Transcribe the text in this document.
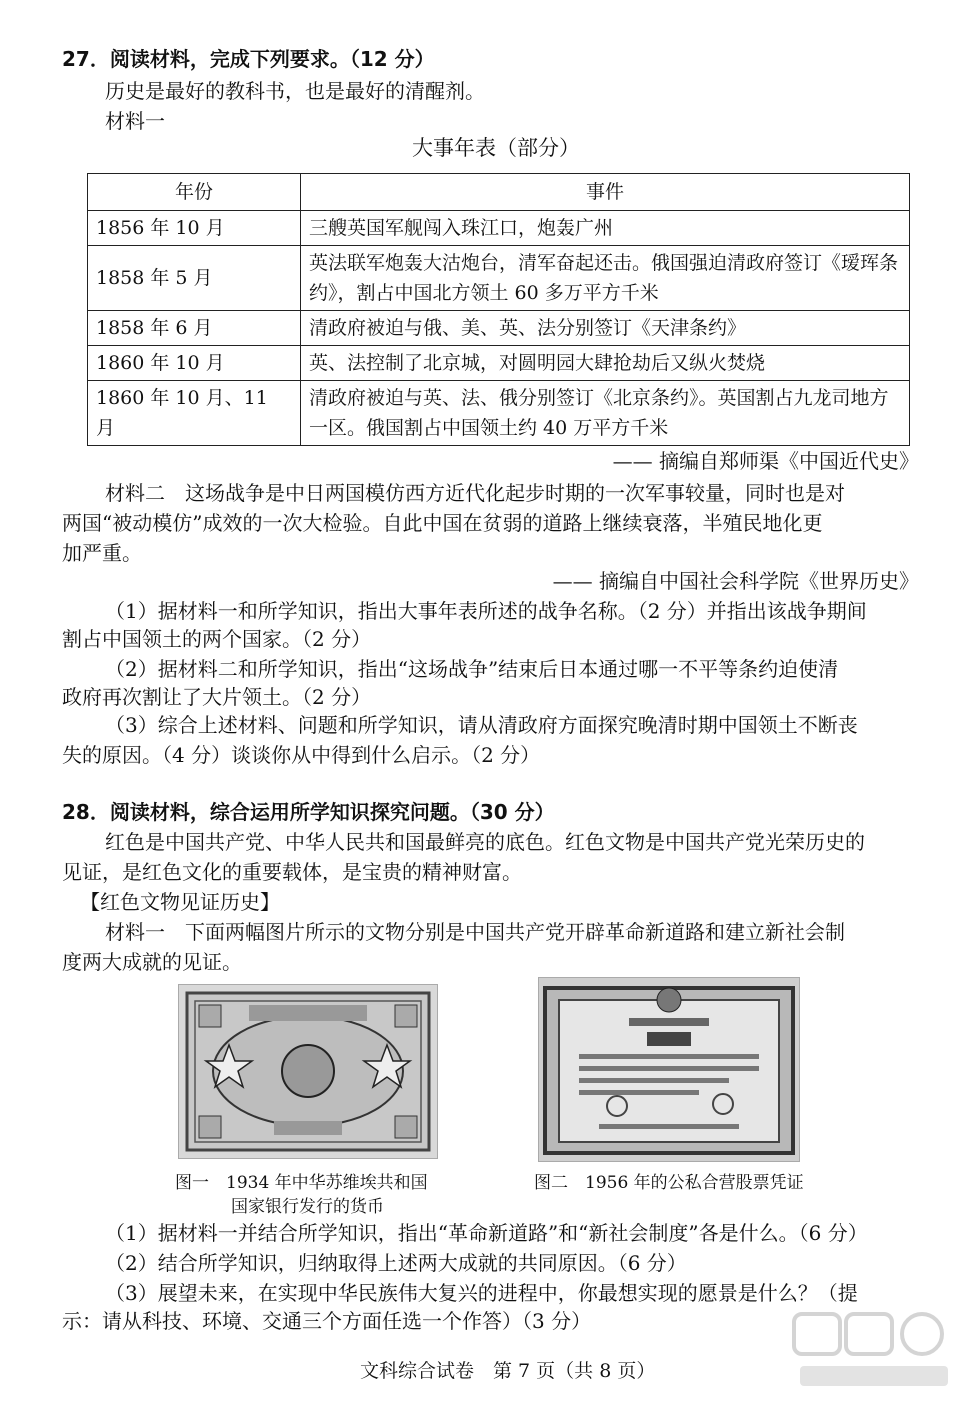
27．阅读材料，完成下列要求。（12 分）
历史是最好的教科书，也是最好的清醒剂。
材料一
大事年表（部分）
年份	事件
1856 年 10 月	三艘英国军舰闯入珠江口，炮轰广州
1858 年 5 月	英法联军炮轰大沽炮台，清军奋起还击。俄国强迫清政府签订《瑷珲条约》，割占中国北方领土 60 多万平方千米
1858 年 6 月	清政府被迫与俄、美、英、法分别签订《天津条约》
1860 年 10 月	英、法控制了北京城，对圆明园大肆抢劫后又纵火焚烧
1860 年 10 月、11 月	清政府被迫与英、法、俄分别签订《北京条约》。英国割占九龙司地方一区。俄国割占中国领土约 40 万平方千米
—— 摘编自郑师渠《中国近代史》
材料二　这场战争是中日两国模仿西方近代化起步时期的一次军事较量，同时也是对
两国“被动模仿”成效的一次大检验。自此中国在贫弱的道路上继续衰落，半殖民地化更
加严重。
—— 摘编自中国社会科学院《世界历史》
（1）据材料一和所学知识，指出大事年表所述的战争名称。（2 分）并指出该战争期间
割占中国领土的两个国家。（2 分）
（2）据材料二和所学知识，指出“这场战争”结束后日本通过哪一不平等条约迫使清
政府再次割让了大片领土。（2 分）
（3）综合上述材料、问题和所学知识，请从清政府方面探究晚清时期中国领土不断丧
失的原因。（4 分）谈谈你从中得到什么启示。（2 分）
28．阅读材料，综合运用所学知识探究问题。（30 分）
红色是中国共产党、中华人民共和国最鲜亮的底色。红色文物是中国共产党光荣历史的
见证，是红色文化的重要载体，是宝贵的精神财富。
【红色文物见证历史】
材料一　下面两幅图片所示的文物分别是中国共产党开辟革命新道路和建立新社会制
度两大成就的见证。
图一　1934 年中华苏维埃共和国
国家银行发行的货币
图二　1956 年的公私合营股票凭证
（1）据材料一并结合所学知识，指出“革命新道路”和“新社会制度”各是什么。（6 分）
（2）结合所学知识，归纳取得上述两大成就的共同原因。（6 分）
（3）展望未来，在实现中华民族伟大复兴的进程中，你最想实现的愿景是什么？（提
示：请从科技、环境、交通三个方面任选一个作答）（3 分）
文科综合试卷　第 7 页（共 8 页）
